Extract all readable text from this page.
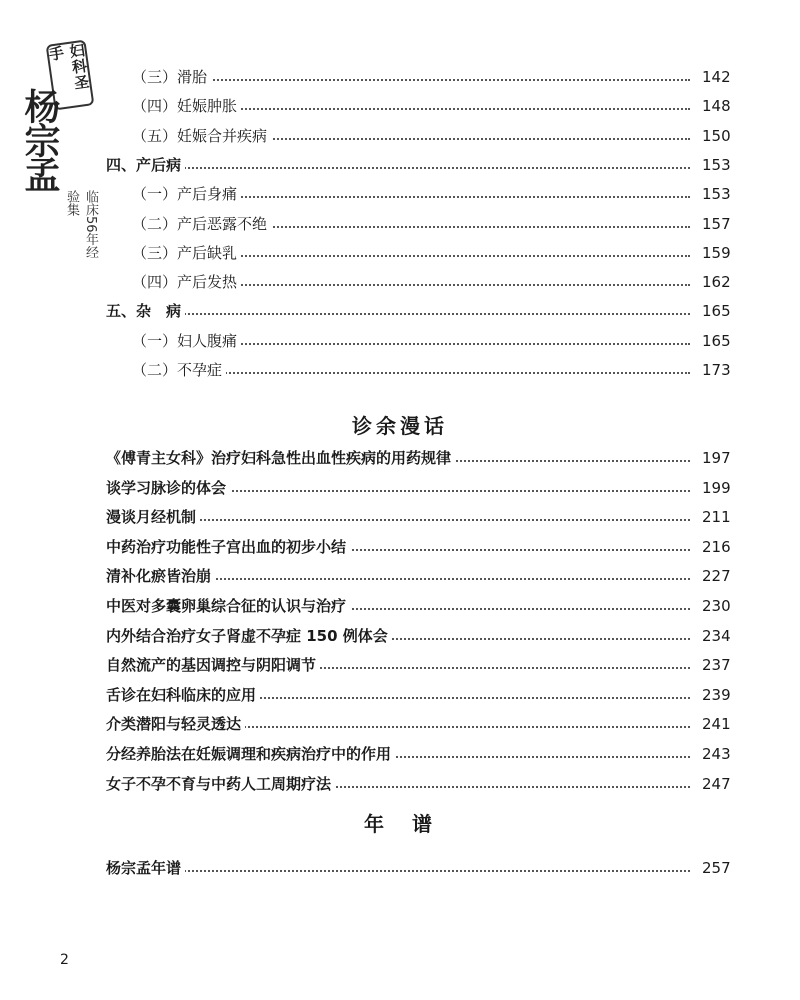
妇科圣手
杨宗孟
临床56年经验集
（三）滑胎	142
（四）妊娠肿胀	148
（五）妊娠合并疾病	150
四、产后病	153
（一）产后身痛	153
（二）产后恶露不绝	157
（三）产后缺乳	159
（四）产后发热	162
五、杂　病	165
（一）妇人腹痛	165
（二）不孕症	173
诊余漫话
《傅青主女科》治疗妇科急性出血性疾病的用药规律	197
谈学习脉诊的体会	199
漫谈月经机制	211
中药治疗功能性子宫出血的初步小结	216
清补化瘀皆治崩	227
中医对多囊卵巢综合征的认识与治疗	230
内外结合治疗女子肾虚不孕症 150 例体会	234
自然流产的基因调控与阴阳调节	237
舌诊在妇科临床的应用	239
介类潜阳与轻灵透达	241
分经养胎法在妊娠调理和疾病治疗中的作用	243
女子不孕不育与中药人工周期疗法	247
年　谱
杨宗孟年谱	257
2
